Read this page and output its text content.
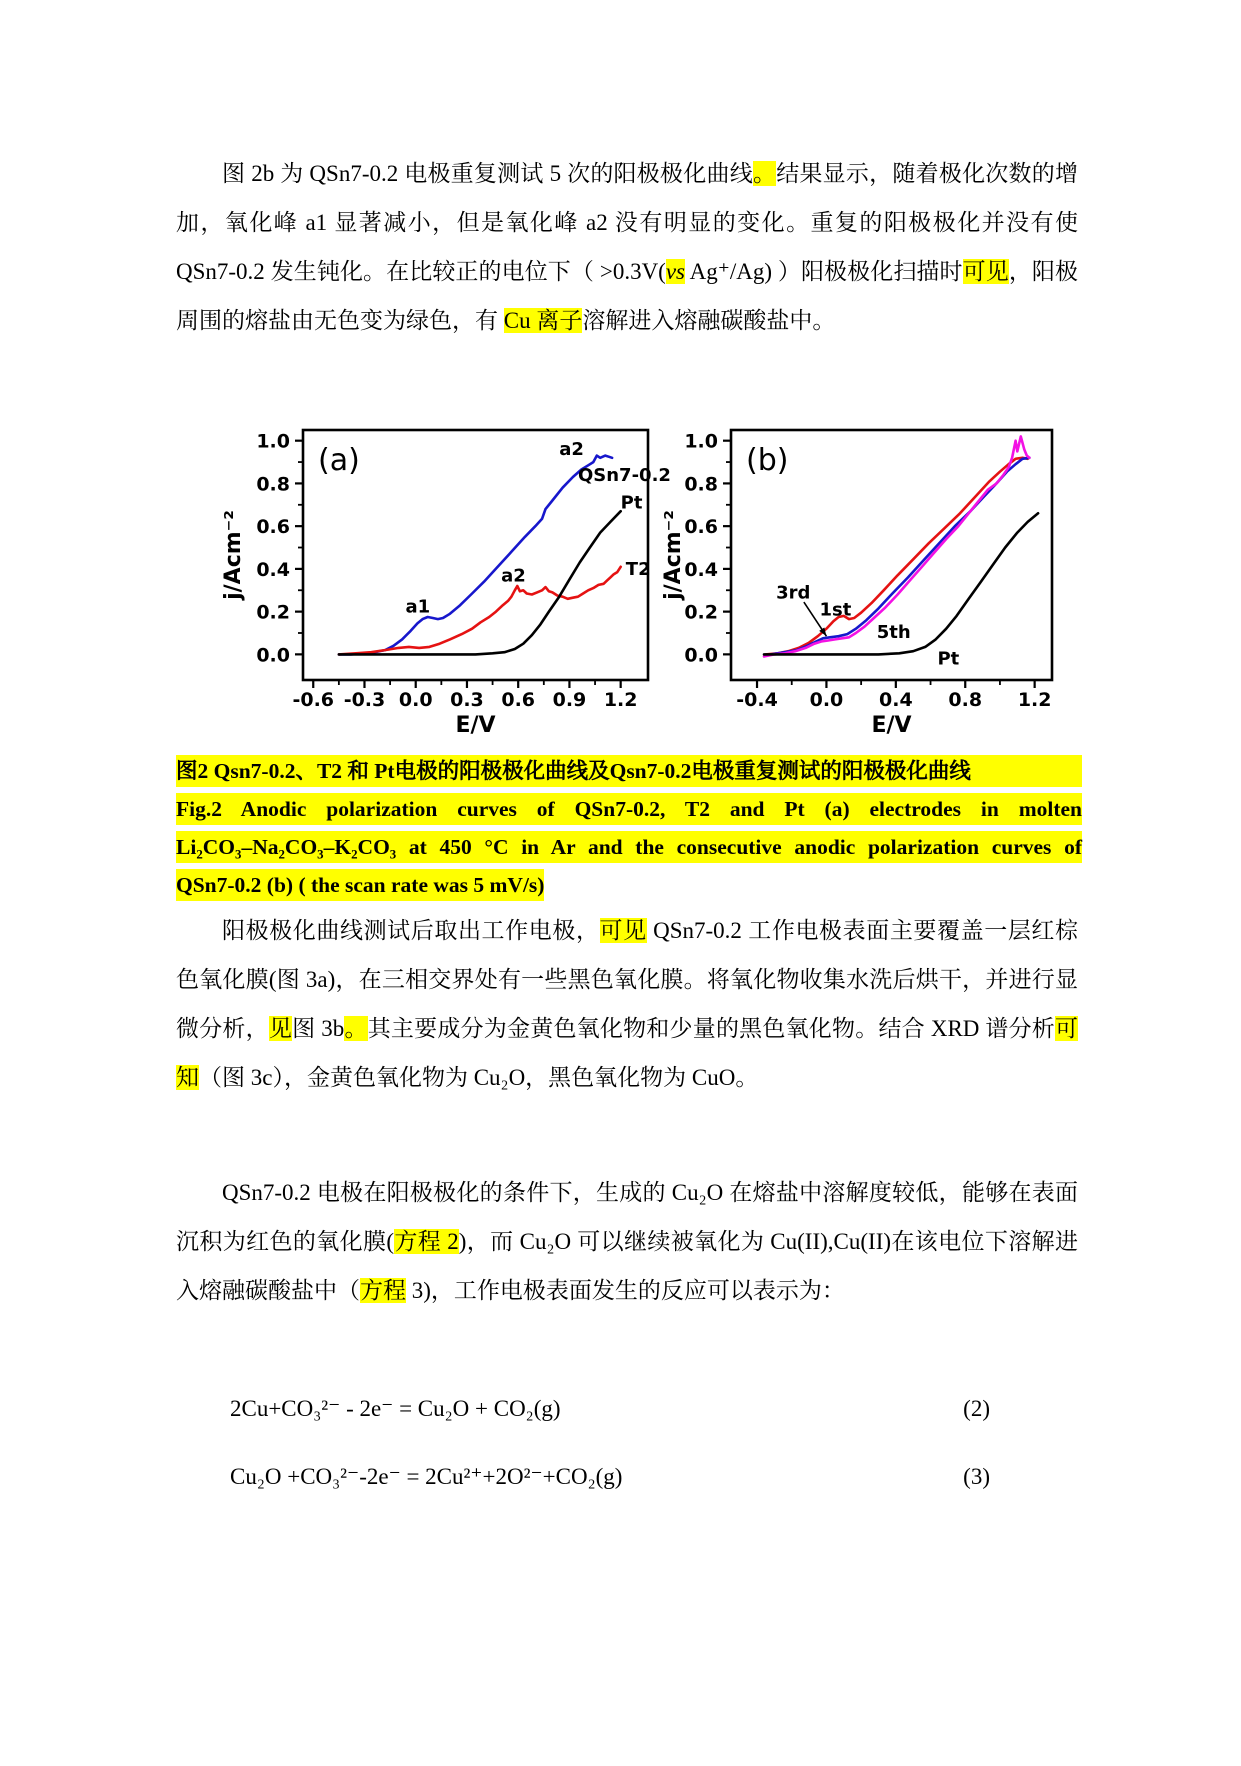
图 2b 为 QSn7-0.2 电极重复测试 5 次的阳极极化曲线。结果显示，随着极化次数的增加，氧化峰 a1 显著减小，但是氧化峰 a2 没有明显的变化。重复的阳极极化并没有使 QSn7-0.2 发生钝化。在比较正的电位下（ >0.3V(vs Ag⁺/Ag) ）阳极极化扫描时可见，阳极周围的熔盐由无色变为绿色，有 Cu 离子溶解进入熔融碳酸盐中。
-0.6 -0.3 0.0 0.3 0.6 0.9 1.2
0.0
0.2
0.4
0.6
0.8
1.0
E/V
j/Acm⁻²
(a)
a1
a2
QSn7-0.2
Pt
a2	T2
-0.4 0.0 0.4 0.8 1.2
0.0
0.2
0.4
0.6
0.8
1.0
E/V
j/Acm⁻²
(b)
3rd
1st
5th
Pt
图2 Qsn7-0.2、T2 和 Pt电极的阳极极化曲线及Qsn7-0.2电极重复测试的阳极极化曲线
Fig.2 Anodic polarization curves of QSn7-0.2, T2 and Pt (a) electrodes in molten
Li₂CO₃–Na₂CO₃–K₂CO₃ at 450 °C in Ar and the consecutive anodic polarization curves of
QSn7-0.2 (b) ( the scan rate was 5 mV/s)
阳极极化曲线测试后取出工作电极，可见 QSn7-0.2 工作电极表面主要覆盖一层红棕色氧化膜(图 3a)，在三相交界处有一些黑色氧化膜。将氧化物收集水洗后烘干，并进行显微分析，见图 3b。其主要成分为金黄色氧化物和少量的黑色氧化物。结合 XRD 谱分析可知（图 3c），金黄色氧化物为 Cu₂O，黑色氧化物为 CuO。
QSn7-0.2 电极在阳极极化的条件下，生成的 Cu₂O 在熔盐中溶解度较低，能够在表面沉积为红色的氧化膜(方程 2)，而 Cu₂O 可以继续被氧化为 Cu(II),Cu(II)在该电位下溶解进入熔融碳酸盐中（方程 3)，工作电极表面发生的反应可以表示为：
2Cu+CO₃²⁻ - 2e⁻ = Cu₂O + CO₂(g)	(2)
Cu₂O +CO₃²⁻-2e⁻ = 2Cu²⁺+2O²⁻+CO₂(g)	(3)
